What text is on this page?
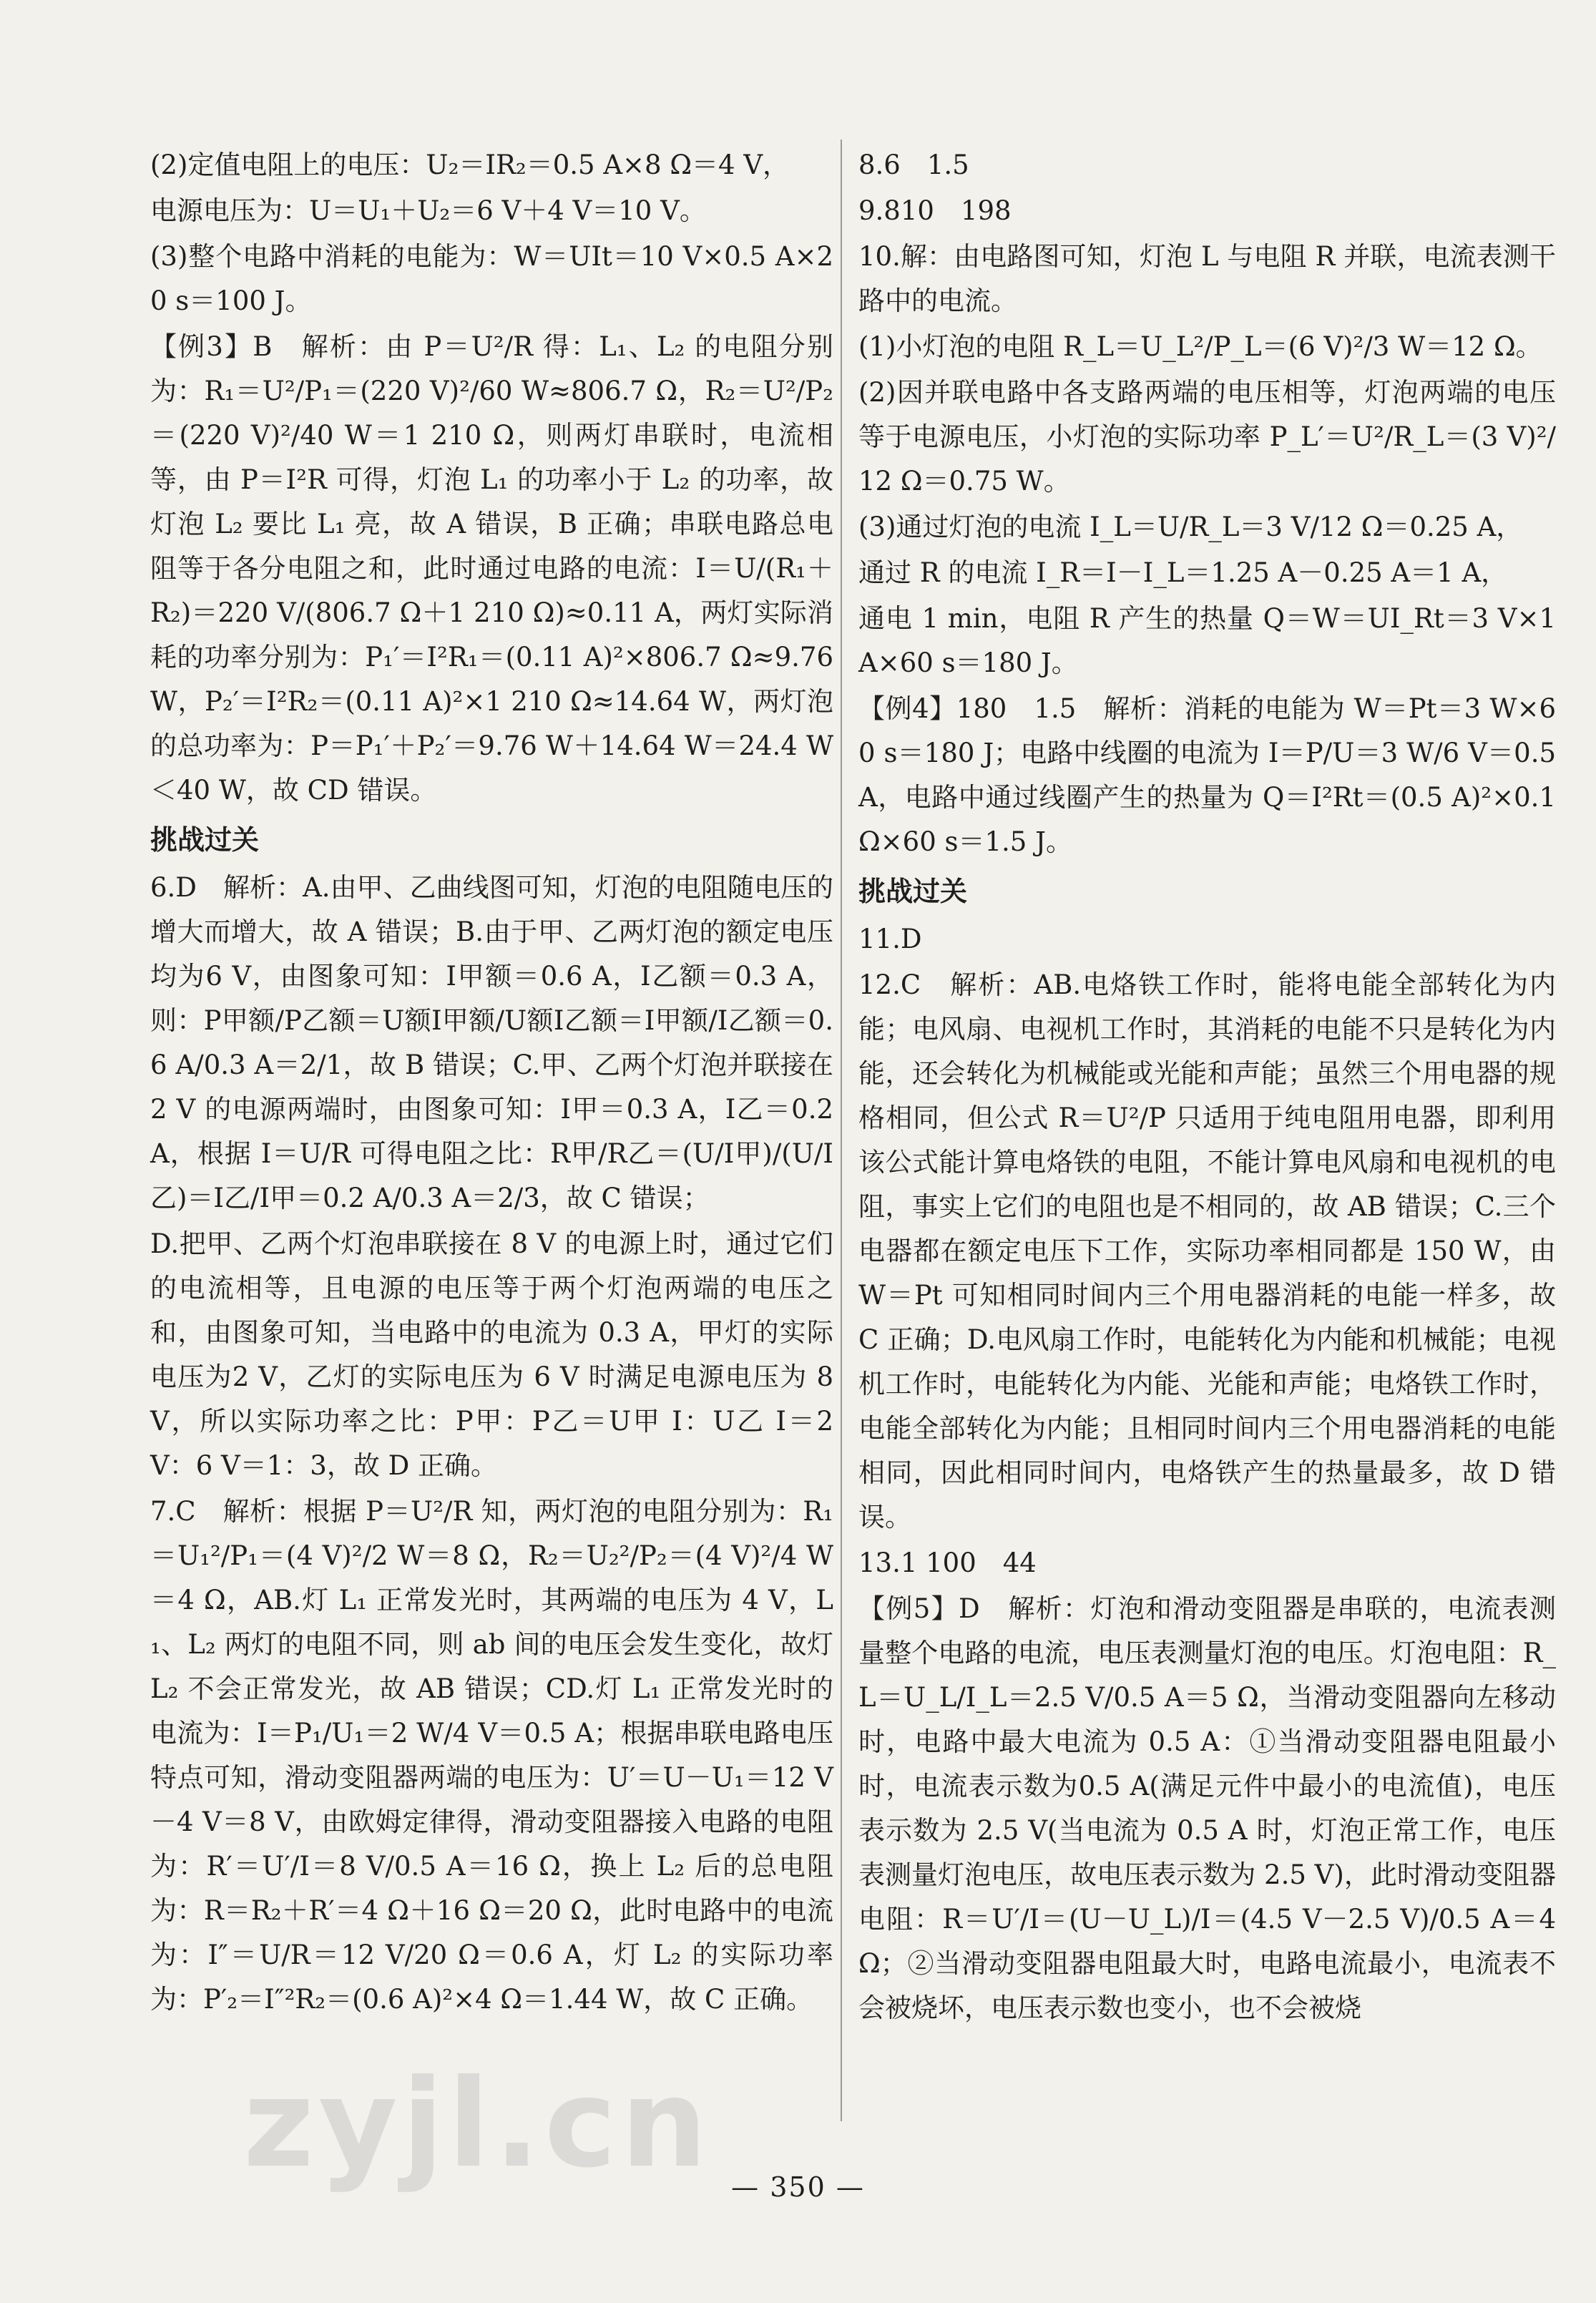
(2)定值电阻上的电压：U₂＝IR₂＝0.5 A×8 Ω＝4 V，

电源电压为：U＝U₁＋U₂＝6 V＋4 V＝10 V。

(3)整个电路中消耗的电能为：W＝UIt＝10 V×0.5 A×20 s＝100 J。

【例3】B　解析：由 P＝U²/R 得：L₁、L₂ 的电阻分别为：R₁＝U²/P₁＝(220 V)²/60 W≈806.7 Ω，R₂＝U²/P₂＝(220 V)²/40 W＝1 210 Ω，则两灯串联时，电流相等，由 P＝I²R 可得，灯泡 L₁ 的功率小于 L₂ 的功率，故灯泡 L₂ 要比 L₁ 亮，故 A 错误，B 正确；串联电路总电阻等于各分电阻之和，此时通过电路的电流：I＝U/(R₁＋R₂)＝220 V/(806.7 Ω＋1 210 Ω)≈0.11 A，两灯实际消耗的功率分别为：P₁′＝I²R₁＝(0.11 A)²×806.7 Ω≈9.76 W，P₂′＝I²R₂＝(0.11 A)²×1 210 Ω≈14.64 W，两灯泡的总功率为：P＝P₁′＋P₂′＝9.76 W＋14.64 W＝24.4 W＜40 W，故 CD 错误。

挑战过关

6.D　解析：A.由甲、乙曲线图可知，灯泡的电阻随电压的增大而增大，故 A 错误；B.由于甲、乙两灯泡的额定电压均为6 V，由图象可知：I甲额＝0.6 A，I乙额＝0.3 A，则：P甲额/P乙额＝U额I甲额/U额I乙额＝I甲额/I乙额＝0.6 A/0.3 A＝2/1，故 B 错误；C.甲、乙两个灯泡并联接在 2 V 的电源两端时，由图象可知：I甲＝0.3 A，I乙＝0.2 A，根据 I＝U/R 可得电阻之比：R甲/R乙＝(U/I甲)/(U/I乙)＝I乙/I甲＝0.2 A/0.3 A＝2/3，故 C 错误；

D.把甲、乙两个灯泡串联接在 8 V 的电源上时，通过它们的电流相等，且电源的电压等于两个灯泡两端的电压之和，由图象可知，当电路中的电流为 0.3 A，甲灯的实际电压为2 V，乙灯的实际电压为 6 V 时满足电源电压为 8 V，所以实际功率之比：P甲：P乙＝U甲 I：U乙 I＝2 V：6 V＝1：3，故 D 正确。

7.C　解析：根据 P＝U²/R 知，两灯泡的电阻分别为：R₁＝U₁²/P₁＝(4 V)²/2 W＝8 Ω，R₂＝U₂²/P₂＝(4 V)²/4 W＝4 Ω，AB.灯 L₁ 正常发光时，其两端的电压为 4 V，L₁、L₂ 两灯的电阻不同，则 ab 间的电压会发生变化，故灯 L₂ 不会正常发光，故 AB 错误；CD.灯 L₁ 正常发光时的电流为：I＝P₁/U₁＝2 W/4 V＝0.5 A；根据串联电路电压特点可知，滑动变阻器两端的电压为：U′＝U－U₁＝12 V－4 V＝8 V，由欧姆定律得，滑动变阻器接入电路的电阻为：R′＝U′/I＝8 V/0.5 A＝16 Ω，换上 L₂ 后的总电阻为：R＝R₂＋R′＝4 Ω＋16 Ω＝20 Ω，此时电路中的电流为：I″＝U/R＝12 V/20 Ω＝0.6 A，灯 L₂ 的实际功率为：P′₂＝I″²R₂＝(0.6 A)²×4 Ω＝1.44 W，故 C 正确。

8.6　1.5

9.810　198

10.解：由电路图可知，灯泡 L 与电阻 R 并联，电流表测干路中的电流。

(1)小灯泡的电阻 R_L＝U_L²/P_L＝(6 V)²/3 W＝12 Ω。

(2)因并联电路中各支路两端的电压相等，灯泡两端的电压等于电源电压，小灯泡的实际功率 P_L′＝U²/R_L＝(3 V)²/12 Ω＝0.75 W。

(3)通过灯泡的电流 I_L＝U/R_L＝3 V/12 Ω＝0.25 A，

通过 R 的电流 I_R＝I－I_L＝1.25 A－0.25 A＝1 A，

通电 1 min，电阻 R 产生的热量 Q＝W＝UI_Rt＝3 V×1 A×60 s＝180 J。

【例4】180　1.5　解析：消耗的电能为 W＝Pt＝3 W×60 s＝180 J；电路中线圈的电流为 I＝P/U＝3 W/6 V＝0.5 A，电路中通过线圈产生的热量为 Q＝I²Rt＝(0.5 A)²×0.1 Ω×60 s＝1.5 J。

挑战过关

11.D

12.C　解析：AB.电烙铁工作时，能将电能全部转化为内能；电风扇、电视机工作时，其消耗的电能不只是转化为内能，还会转化为机械能或光能和声能；虽然三个用电器的规格相同，但公式 R＝U²/P 只适用于纯电阻用电器，即利用该公式能计算电烙铁的电阻，不能计算电风扇和电视机的电阻，事实上它们的电阻也是不相同的，故 AB 错误；C.三个电器都在额定电压下工作，实际功率相同都是 150 W，由 W＝Pt 可知相同时间内三个用电器消耗的电能一样多，故 C 正确；D.电风扇工作时，电能转化为内能和机械能；电视机工作时，电能转化为内能、光能和声能；电烙铁工作时，电能全部转化为内能；且相同时间内三个用电器消耗的电能相同，因此相同时间内，电烙铁产生的热量最多，故 D 错误。

13.1 100　44

【例5】D　解析：灯泡和滑动变阻器是串联的，电流表测量整个电路的电流，电压表测量灯泡的电压。灯泡电阻：R_L＝U_L/I_L＝2.5 V/0.5 A＝5 Ω，当滑动变阻器向左移动时，电路中最大电流为 0.5 A：①当滑动变阻器电阻最小时，电流表示数为0.5 A(满足元件中最小的电流值)，电压表示数为 2.5 V(当电流为 0.5 A 时，灯泡正常工作，电压表测量灯泡电压，故电压表示数为 2.5 V)，此时滑动变阻器电阻：R＝U′/I＝(U－U_L)/I＝(4.5 V－2.5 V)/0.5 A＝4 Ω；②当滑动变阻器电阻最大时，电路电流最小，电流表不会被烧坏，电压表示数也变小，也不会被烧

zyjl.cn — 350 —
